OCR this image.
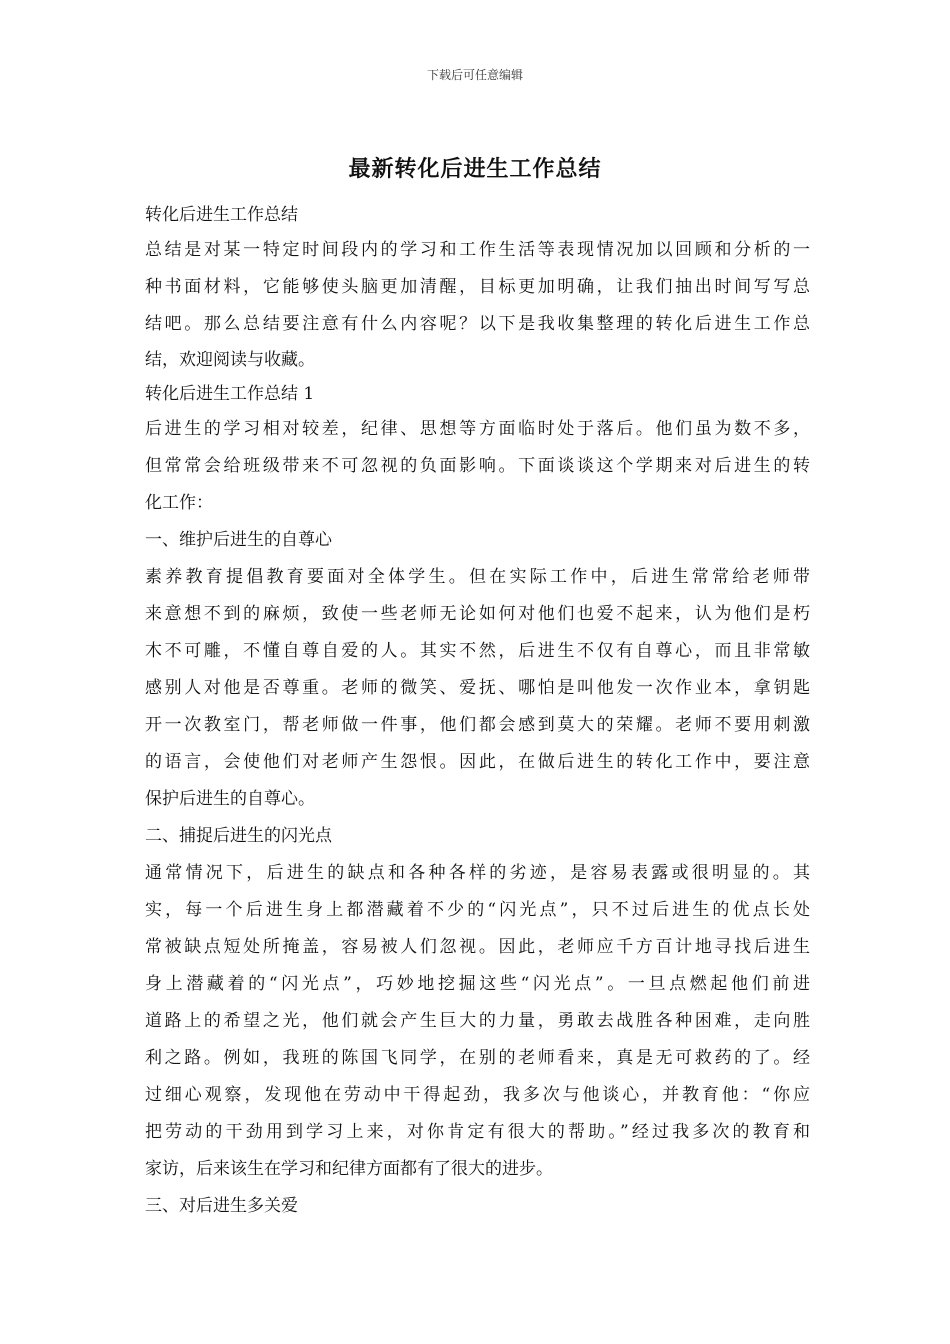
下载后可任意编辑
最新转化后进生工作总结
转化后进生工作总结
总结是对某一特定时间段内的学习和工作生活等表现情况加以回顾和分析的一
种书面材料，它能够使头脑更加清醒，目标更加明确，让我们抽出时间写写总
结吧。那么总结要注意有什么内容呢？以下是我收集整理的转化后进生工作总
结，欢迎阅读与收藏。
转化后进生工作总结 1
后进生的学习相对较差，纪律、思想等方面临时处于落后。他们虽为数不多，
但常常会给班级带来不可忽视的负面影响。下面谈谈这个学期来对后进生的转
化工作：
一、维护后进生的自尊心
素养教育提倡教育要面对全体学生。但在实际工作中，后进生常常给老师带
来意想不到的麻烦，致使一些老师无论如何对他们也爱不起来，认为他们是朽
木不可雕，不懂自尊自爱的人。其实不然，后进生不仅有自尊心，而且非常敏
感别人对他是否尊重。老师的微笑、爱抚、哪怕是叫他发一次作业本，拿钥匙
开一次教室门，帮老师做一件事，他们都会感到莫大的荣耀。老师不要用刺激
的语言，会使他们对老师产生怨恨。因此，在做后进生的转化工作中，要注意
保护后进生的自尊心。
二、捕捉后进生的闪光点
通常情况下，后进生的缺点和各种各样的劣迹，是容易表露或很明显的。其
实，每一个后进生身上都潜藏着不少的“闪光点”，只不过后进生的优点长处
常被缺点短处所掩盖，容易被人们忽视。因此，老师应千方百计地寻找后进生
身上潜藏着的“闪光点”，巧妙地挖掘这些“闪光点”。一旦点燃起他们前进
道路上的希望之光，他们就会产生巨大的力量，勇敢去战胜各种困难，走向胜
利之路。例如，我班的陈国飞同学，在别的老师看来，真是无可救药的了。经
过细心观察，发现他在劳动中干得起劲，我多次与他谈心，并教育他：“你应
把劳动的干劲用到学习上来，对你肯定有很大的帮助。”经过我多次的教育和
家访，后来该生在学习和纪律方面都有了很大的进步。
三、对后进生多关爱
